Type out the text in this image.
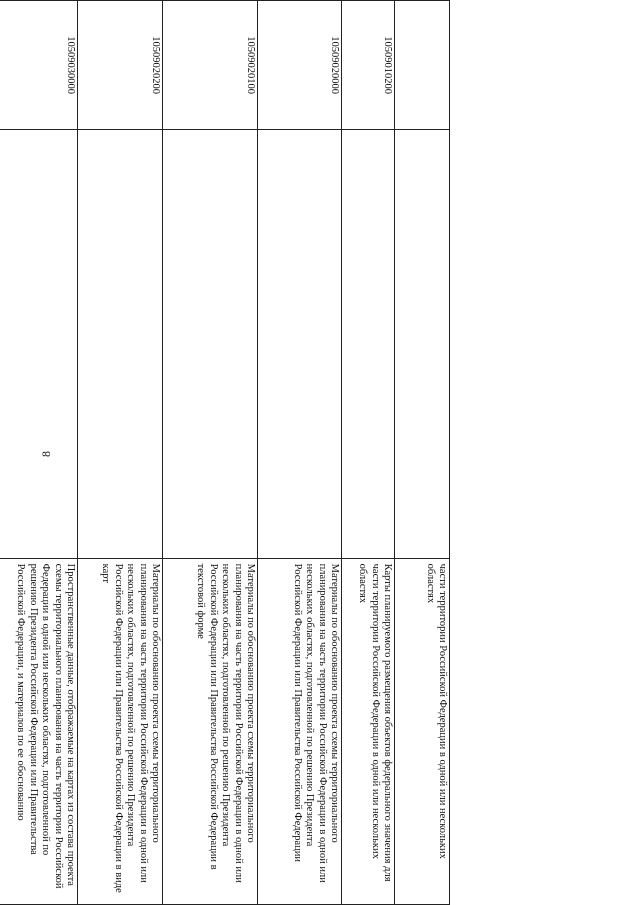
8
		части территории Российской Федерации в одной или нескольких областях
10509010200		Карты планируемого размещения объектов федерального значения для части территории Российской Федерации в одной или нескольких областях
10509020000		Материалы по обоснованию проекта схемы территориального планирования на часть территории Российской Федерации в одной или нескольких областях, подготовленной по решению Президента Российской Федерации или Правительства Российской Федерации
10509020100		Материалы по обоснованию проекта схемы территориального планирования на часть территории Российской Федерации в одной или нескольких областях, подготовленной по решению Президента Российской Федерации или Правительства Российской Федерации в текстовой форме
10509020200		Материалы по обоснованию проекта схемы территориального планирования на часть территории Российской Федерации в одной или нескольких областях, подготовленной по решению Президента Российской Федерации или Правительства Российской Федерации в виде карт
10509030000		Пространственные данные, отображаемые на картах из состава проекта схемы территориального планирования на часть территории Российской Федерации в одной или нескольких областях, подготовленной по решению Президента Российской Федерации или Правительства Российской Федерации, и материалов по ее обоснованию
